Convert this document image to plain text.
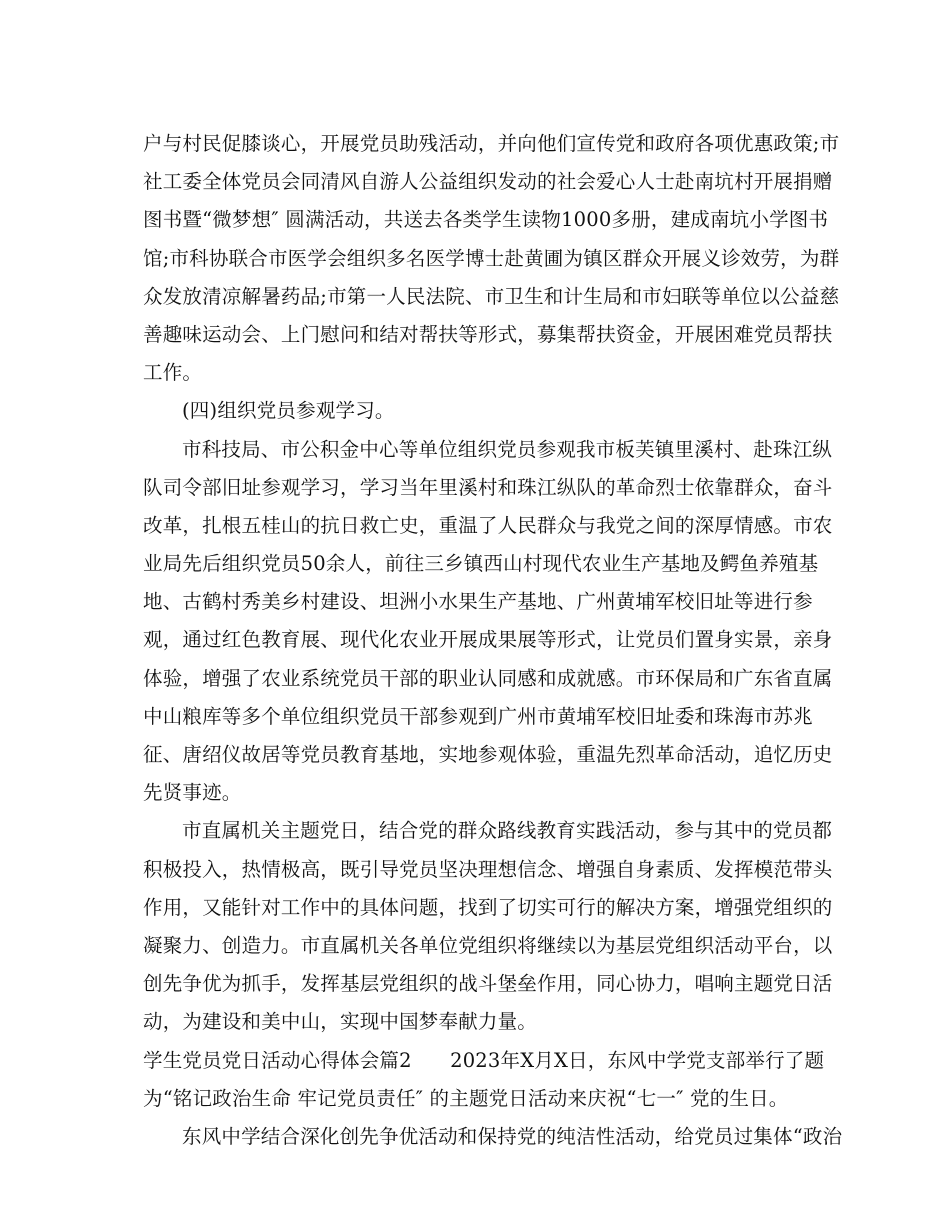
户与村民促膝谈心，开展党员助残活动，并向他们宣传党和政府各项优惠政策;市
社工委全体党员会同清风自游人公益组织发动的社会爱心人士赴南坑村开展捐赠
图书暨“微梦想″ 圆满活动，共送去各类学生读物1000多册，建成南坑小学图书
馆;市科协联合市医学会组织多名医学博士赴黄圃为镇区群众开展义诊效劳，为群
众发放清凉解暑药品;市第一人民法院、市卫生和计生局和市妇联等单位以公益慈
善趣味运动会、上门慰问和结对帮扶等形式，募集帮扶资金，开展困难党员帮扶
工作。
(四)组织党员参观学习。
市科技局、市公积金中心等单位组织党员参观我市板芙镇里溪村、赴珠江纵
队司令部旧址参观学习，学习当年里溪村和珠江纵队的革命烈士依靠群众，奋斗
改革，扎根五桂山的抗日救亡史，重温了人民群众与我党之间的深厚情感。市农
业局先后组织党员50余人，前往三乡镇西山村现代农业生产基地及鳄鱼养殖基
地、古鹤村秀美乡村建设、坦洲小水果生产基地、广州黄埔军校旧址等进行参
观，通过红色教育展、现代化农业开展成果展等形式，让党员们置身实景，亲身
体验，增强了农业系统党员干部的职业认同感和成就感。市环保局和广东省直属
中山粮库等多个单位组织党员干部参观到广州市黄埔军校旧址委和珠海市苏兆
征、唐绍仪故居等党员教育基地，实地参观体验，重温先烈革命活动，追忆历史
先贤事迹。
市直属机关主题党日，结合党的群众路线教育实践活动，参与其中的党员都
积极投入，热情极高，既引导党员坚决理想信念、增强自身素质、发挥模范带头
作用，又能针对工作中的具体问题，找到了切实可行的解决方案，增强党组织的
凝聚力、创造力。市直属机关各单位党组织将继续以为基层党组织活动平台，以
创先争优为抓手，发挥基层党组织的战斗堡垒作用，同心协力，唱响主题党日活
动，为建设和美中山，实现中国梦奉献力量。
学生党员党日活动心得体会篇2      2023年X月X日，东风中学党支部举行了题
为“铭记政治生命 牢记党员责任″ 的主题党日活动来庆祝“七一″ 党的生日。
东风中学结合深化创先争优活动和保持党的纯洁性活动，给党员过集体“政治
